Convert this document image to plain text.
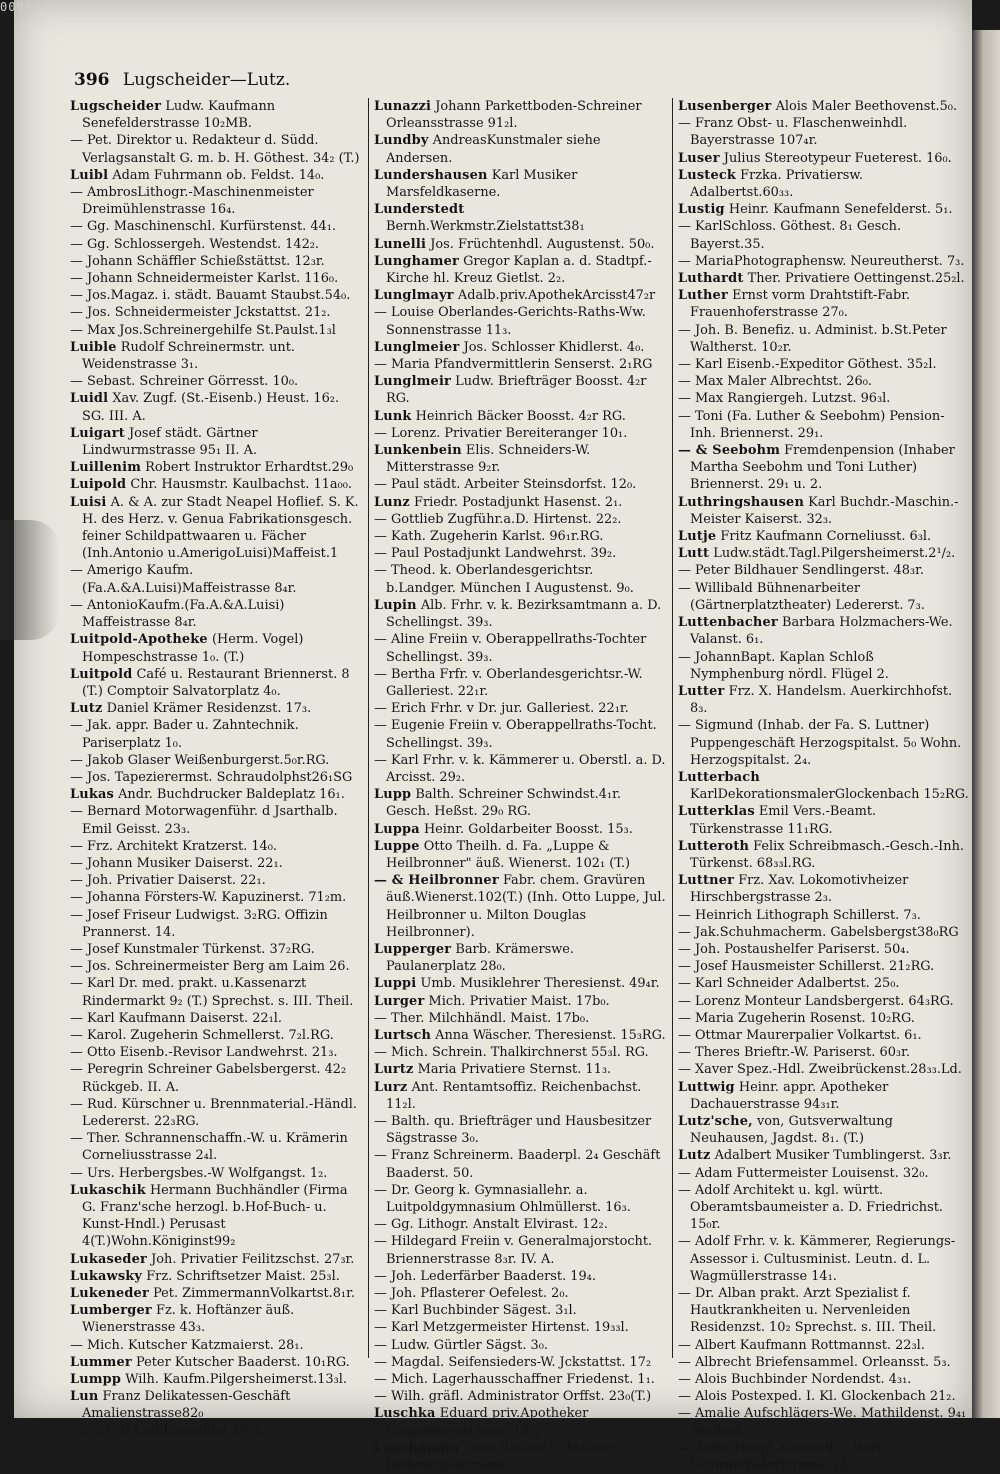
396 Lugscheider—Lutz.

Lugscheider Ludw. Kaufmann Senefelderstrasse 10₂MB.

— Pet. Direktor u. Redakteur d. Südd. Verlagsanstalt G. m. b. H. Göthest. 34₂ (T.)

Luibl Adam Fuhrmann ob. Feldst. 14₀.

— AmbrosLithogr.-Maschinenmeister Dreimühlenstrasse 16₄.

— Gg. Maschinenschl. Kurfürstenst. 44₁.

— Gg. Schlossergeh. Westendst. 142₂.

— Johann Schäffler Schießstättst. 12₃r.

— Johann Schneidermeister Karlst. 116₀.

— Jos.Magaz. i. städt. Bauamt Staubst.54₀.

— Jos. Schneidermeister Jckstattst. 21₂.

— Max Jos.Schreinergehilfe St.Paulst.1₃l

Luible Rudolf Schreinermstr. unt. Weidenstrasse 3₁.

— Sebast. Schreiner Görresst. 10₀.

Luidl Xav. Zugf. (St.-Eisenb.) Heust. 16₂. SG. III. A.

Luigart Josef städt. Gärtner Lindwurmstrasse 95₁ II. A.

Luillenim Robert Instruktor Erhardtst.29₀

Luipold Chr. Hausmstr. Kaulbachst. 11a₀₀.

Luisi A. & A. zur Stadt Neapel Hoflief. S. K. H. des Herz. v. Genua Fabrikationsgesch. feiner Schildpattwaaren u. Fächer (Inh.Antonio u.AmerigoLuisi)Maffeist.1

— Amerigo Kaufm.(Fa.A.&A.Luisi)Maffeistrasse 8₄r.

— AntonioKaufm.(Fa.A.&A.Luisi) Maffeistrasse 8₄r.

Luitpold-Apotheke (Herm. Vogel) Hompeschstrasse 1₀. (T.)

Luitpold Café u. Restaurant Briennerst. 8 (T.) Comptoir Salvatorplatz 4₀.

Lutz Daniel Krämer Residenzst. 17₃.

— Jak. appr. Bader u. Zahntechnik. Pariserplatz 1₀.

— Jakob Glaser Weißenburgerst.5₀r.RG.

— Jos. Tapezierermst. Schraudolphst26₁SG

Lukas Andr. Buchdrucker Baldeplatz 16₁.

— Bernard Motorwagenführ. d Jsarthalb. Emil Geisst. 23₃.

— Frz. Architekt Kratzerst. 14₀.

— Johann Musiker Daiserst. 22₁.

— Joh. Privatier Daiserst. 22₁.

— Johanna Försters-W. Kapuzinerst. 71₂m.

— Josef Friseur Ludwigst. 3₂RG. Offizin Prannerst. 14.

— Josef Kunstmaler Türkenst. 37₂RG.

— Jos. Schreinermeister Berg am Laim 26.

— Karl Dr. med. prakt. u.Kassenarzt Rindermarkt 9₂ (T.) Sprechst. s. III. Theil.

— Karl Kaufmann Daiserst. 22₁l.

— Karol. Zugeherin Schmellerst. 7₂l.RG.

— Otto Eisenb.-Revisor Landwehrst. 21₃.

— Peregrin Schreiner Gabelsbergerst. 42₂ Rückgeb. II. A.

— Rud. Kürschner u. Brennmaterial.-Händl. Ledererst. 22₃RG.

— Ther. Schrannenschaffn.-W. u. Krämerin Corneliusstrasse 2₄l.

— Urs. Herbergsbes.-W Wolfgangst. 1₂.

Lukaschik Hermann Buchhändler (Firma G. Franz'sche herzogl. b.Hof-Buch- u. Kunst-Hndl.) Perusast 4(T.)Wohn.Königinst99₂

Lukaseder Joh. Privatier Feilitzschst. 27₃r.

Lukawsky Frz. Schriftsetzer Maist. 25₃l.

Lukeneder Pet. ZimmermannVolkartst.8₁r.

Lumberger Fz. k. Hoftänzer äuß. Wienerstrasse 43₃.

— Mich. Kutscher Katzmaierst. 28₁.

Lummer Peter Kutscher Baaderst. 10₁RG.

Lumpp Wilh. Kaufm.Pilgersheimerst.13₃l.

Lun Franz Delikatessen-Geschäft Amalienstrasse82₀ u.₁(T.)II.Lad.Leopoldst.39(T.)

Lunazzi Johann Parkettboden-Schreiner Orleansstrasse 91₂l.

Lundby AndreasKunstmaler siehe Andersen.

Lundershausen Karl Musiker Marsfeldkaserne.

Lunderstedt Bernh.Werkmstr.Zielstattst38₁

Lunelli Jos. Früchtenhdl. Augustenst. 50₀.

Lunghamer Gregor Kaplan a. d. Stadtpf.-Kirche hl. Kreuz Gietlst. 2₂.

Lunglmayr Adalb.priv.ApothekArcisst47₂r

— Louise Oberlandes-Gerichts-Raths-Ww. Sonnenstrasse 11₃.

Lunglmeier Jos. Schlosser Khidlerst. 4₀.

— Maria Pfandvermittlerin Senserst. 2₁RG

Lunglmeir Ludw. Briefträger Boosst. 4₂r RG.

Lunk Heinrich Bäcker Boosst. 4₂r RG.

— Lorenz. Privatier Bereiteranger 10₁.

Lunkenbein Elis. Schneiders-W. Mitterstrasse 9₂r.

— Paul städt. Arbeiter Steinsdorfst. 12₀.

Lunz Friedr. Postadjunkt Hasenst. 2₁.

— Gottlieb Zugführ.a.D. Hirtenst. 22₂.

— Kath. Zugeherin Karlst. 96₁r.RG.

— Paul Postadjunkt Landwehrst. 39₂.

— Theod. k. Oberlandesgerichtsr. b.Landger. München I Augustenst. 9₀.

Lupin Alb. Frhr. v. k. Bezirksamtmann a. D. Schellingst. 39₃.

— Aline Freiin v. Oberappellraths-Tochter Schellingst. 39₃.

— Bertha Frfr. v. Oberlandesgerichtsr.-W. Galleriest. 22₁r.

— Erich Frhr. v Dr. jur. Galleriest. 22₁r.

— Eugenie Freiin v. Oberappellraths-Tocht. Schellingst. 39₃.

— Karl Frhr. v. k. Kämmerer u. Oberstl. a. D. Arcisst. 29₂.

Lupp Balth. Schreiner Schwindst.4₁r. Gesch. Heßst. 29₀ RG.

Luppa Heinr. Goldarbeiter Boosst. 15₃.

Luppe Otto Theilh. d. Fa. „Luppe & Heilbronner" äuß. Wienerst. 102₁ (T.)

— & Heilbronner Fabr. chem. Gravüren äuß.Wienerst.102(T.) (Inh. Otto Luppe, Jul. Heilbronner u. Milton Douglas Heilbronner).

Lupperger Barb. Krämerswe. Paulanerplatz 28₀.

Luppi Umb. Musiklehrer Theresienst. 49₄r.

Lurger Mich. Privatier Maist. 17b₀.

— Ther. Milchhändl. Maist. 17b₀.

Lurtsch Anna Wäscher. Theresienst. 15₃RG.

— Mich. Schrein. Thalkirchnerst 55₃l. RG.

Lurtz Maria Privatiere Sternst. 11₃.

Lurz Ant. Rentamtsoffiz. Reichenbachst. 11₂l.

— Balth. qu. Briefträger und Hausbesitzer Sägstrasse 3₀.

— Franz Schreinerm. Baaderpl. 2₄ Geschäft Baaderst. 50.

— Dr. Georg k. Gymnasiallehr. a. Luitpoldgymnasium Ohlmüllerst. 16₃.

— Gg. Lithogr. Anstalt Elvirast. 12₂.

— Hildegard Freiin v. Generalmajorstocht. Briennerstrasse 8₃r. IV. A.

— Joh. Lederfärber Baaderst. 19₄.

— Joh. Pflasterer Oefelest. 2₀.

— Karl Buchbinder Sägest. 3₁l.

— Karl Metzgermeister Hirtenst. 19₃₃l.

— Ludw. Gürtler Sägst. 3₀.

— Magdal. Seifensieders-W. Jckstattst. 17₂

— Mich. Lagerhausschaffner Friedenst. 1₁.

— Wilh. gräfl. Administrator Orffst. 23₀(T.)

Luschka Eduard priv.Apotheker Erzgießereistrasse 18₁.

Luschmann Josef Bäcker u. Melber Reifenstuelstrasse 2₀.

Lusenberger Alois Maler Beethovenst.5₀.

— Franz Obst- u. Flaschenweinhdl. Bayerstrasse 107₄r.

Luser Julius Stereotypeur Fueterest. 16₀.

Lusteck Frzka. Privatiersw. Adalbertst.60₃₃.

Lustig Heinr. Kaufmann Senefelderst. 5₁.

— KarlSchloss. Göthest. 8₁ Gesch. Bayerst.35.

— MariaPhotographensw. Neureutherst. 7₃.

Luthardt Ther. Privatiere Oettingenst.25₂l.

Luther Ernst vorm Drahtstift-Fabr. Frauenhoferstrasse 27₀.

— Joh. B. Benefiz. u. Administ. b.St.Peter Waltherst. 10₂r.

— Karl Eisenb.-Expeditor Göthest. 35₂l.

— Max Maler Albrechtst. 26₀.

— Max Rangiergeh. Lutzst. 96₃l.

— Toni (Fa. Luther & Seebohm) Pension-Inh. Briennerst. 29₁.

— & Seebohm Fremdenpension (Inhaber Martha Seebohm und Toni Luther) Briennerst. 29₁ u. 2.

Luthringshausen Karl Buchdr.-Maschin.-Meister Kaiserst. 32₃.

Lutje Fritz Kaufmann Corneliusst. 6₃l.

Lutt Ludw.städt.Tagl.Pilgersheimerst.2¹/₂.

— Peter Bildhauer Sendlingerst. 48₃r.

— Willibald Bühnenarbeiter (Gärtnerplatztheater) Ledererst. 7₃.

Luttenbacher Barbara Holzmachers-We. Valanst. 6₁.

— JohannBapt. Kaplan Schloß Nymphenburg nördl. Flügel 2.

Lutter Frz. X. Handelsm. Auerkirchhofst. 8₃.

— Sigmund (Inhab. der Fa. S. Luttner) Puppengeschäft Herzogspitalst. 5₀ Wohn. Herzogspitalst. 2₄.

Lutterbach KarlDekorationsmalerGlockenbach 15₂RG.

Lutterklas Emil Vers.-Beamt. Türkenstrasse 11₁RG.

Lutteroth Felix Schreibmasch.-Gesch.-Inh. Türkenst. 68₃₃l.RG.

Luttner Frz. Xav. Lokomotivheizer Hirschbergstrasse 2₃.

— Heinrich Lithograph Schillerst. 7₃.

— Jak.Schuhmacherm. Gabelsbergst38₀RG

— Joh. Postaushelfer Pariserst. 50₄.

— Josef Hausmeister Schillerst. 21₂RG.

— Karl Schneider Adalbertst. 25₀.

— Lorenz Monteur Landsbergerst. 64₃RG.

— Maria Zugeherin Rosenst. 10₂RG.

— Ottmar Maurerpalier Volkartst. 6₁.

— Theres Brieftr.-W. Pariserst. 60₃r.

— Xaver Spez.-Hdl. Zweibrückenst.28₃₃.Ld.

Luttwig Heinr. appr. Apotheker Dachauerstrasse 94₃₁r.

Lutz'sche, von, Gutsverwaltung Neuhausen, Jagdst. 8₁. (T.)

Lutz Adalbert Musiker Tumblingerst. 3₃r.

— Adam Futtermeister Louisenst. 32₀.

— Adolf Architekt u. kgl. württ. Oberamtsbaumeister a. D. Friedrichst. 15₀r.

— Adolf Frhr. v. k. Kämmerer, Regierungs-Assessor i. Cultusminist. Leutn. d. L. Wagmüllerstrasse 14₁.

— Dr. Alban prakt. Arzt Spezialist f. Hautkrankheiten u. Nervenleiden Residenzst. 10₂ Sprechst. s. III. Theil.

— Albert Kaufmann Rottmannst. 22₃l.

— Albrecht Briefensammel. Orleansst. 5₃.

— Alois Buchbinder Nordendst. 4₃₁.

— Alois Postexped. I. Kl. Glockenbach 21₂.

— Amalie Aufschlägers-We. Mathildenst. 9₄₁ Neubau.

— Anita Haupt-Kassaoffiz.-Wwe. Schwanthalerstrasse 13₂.

00092427
